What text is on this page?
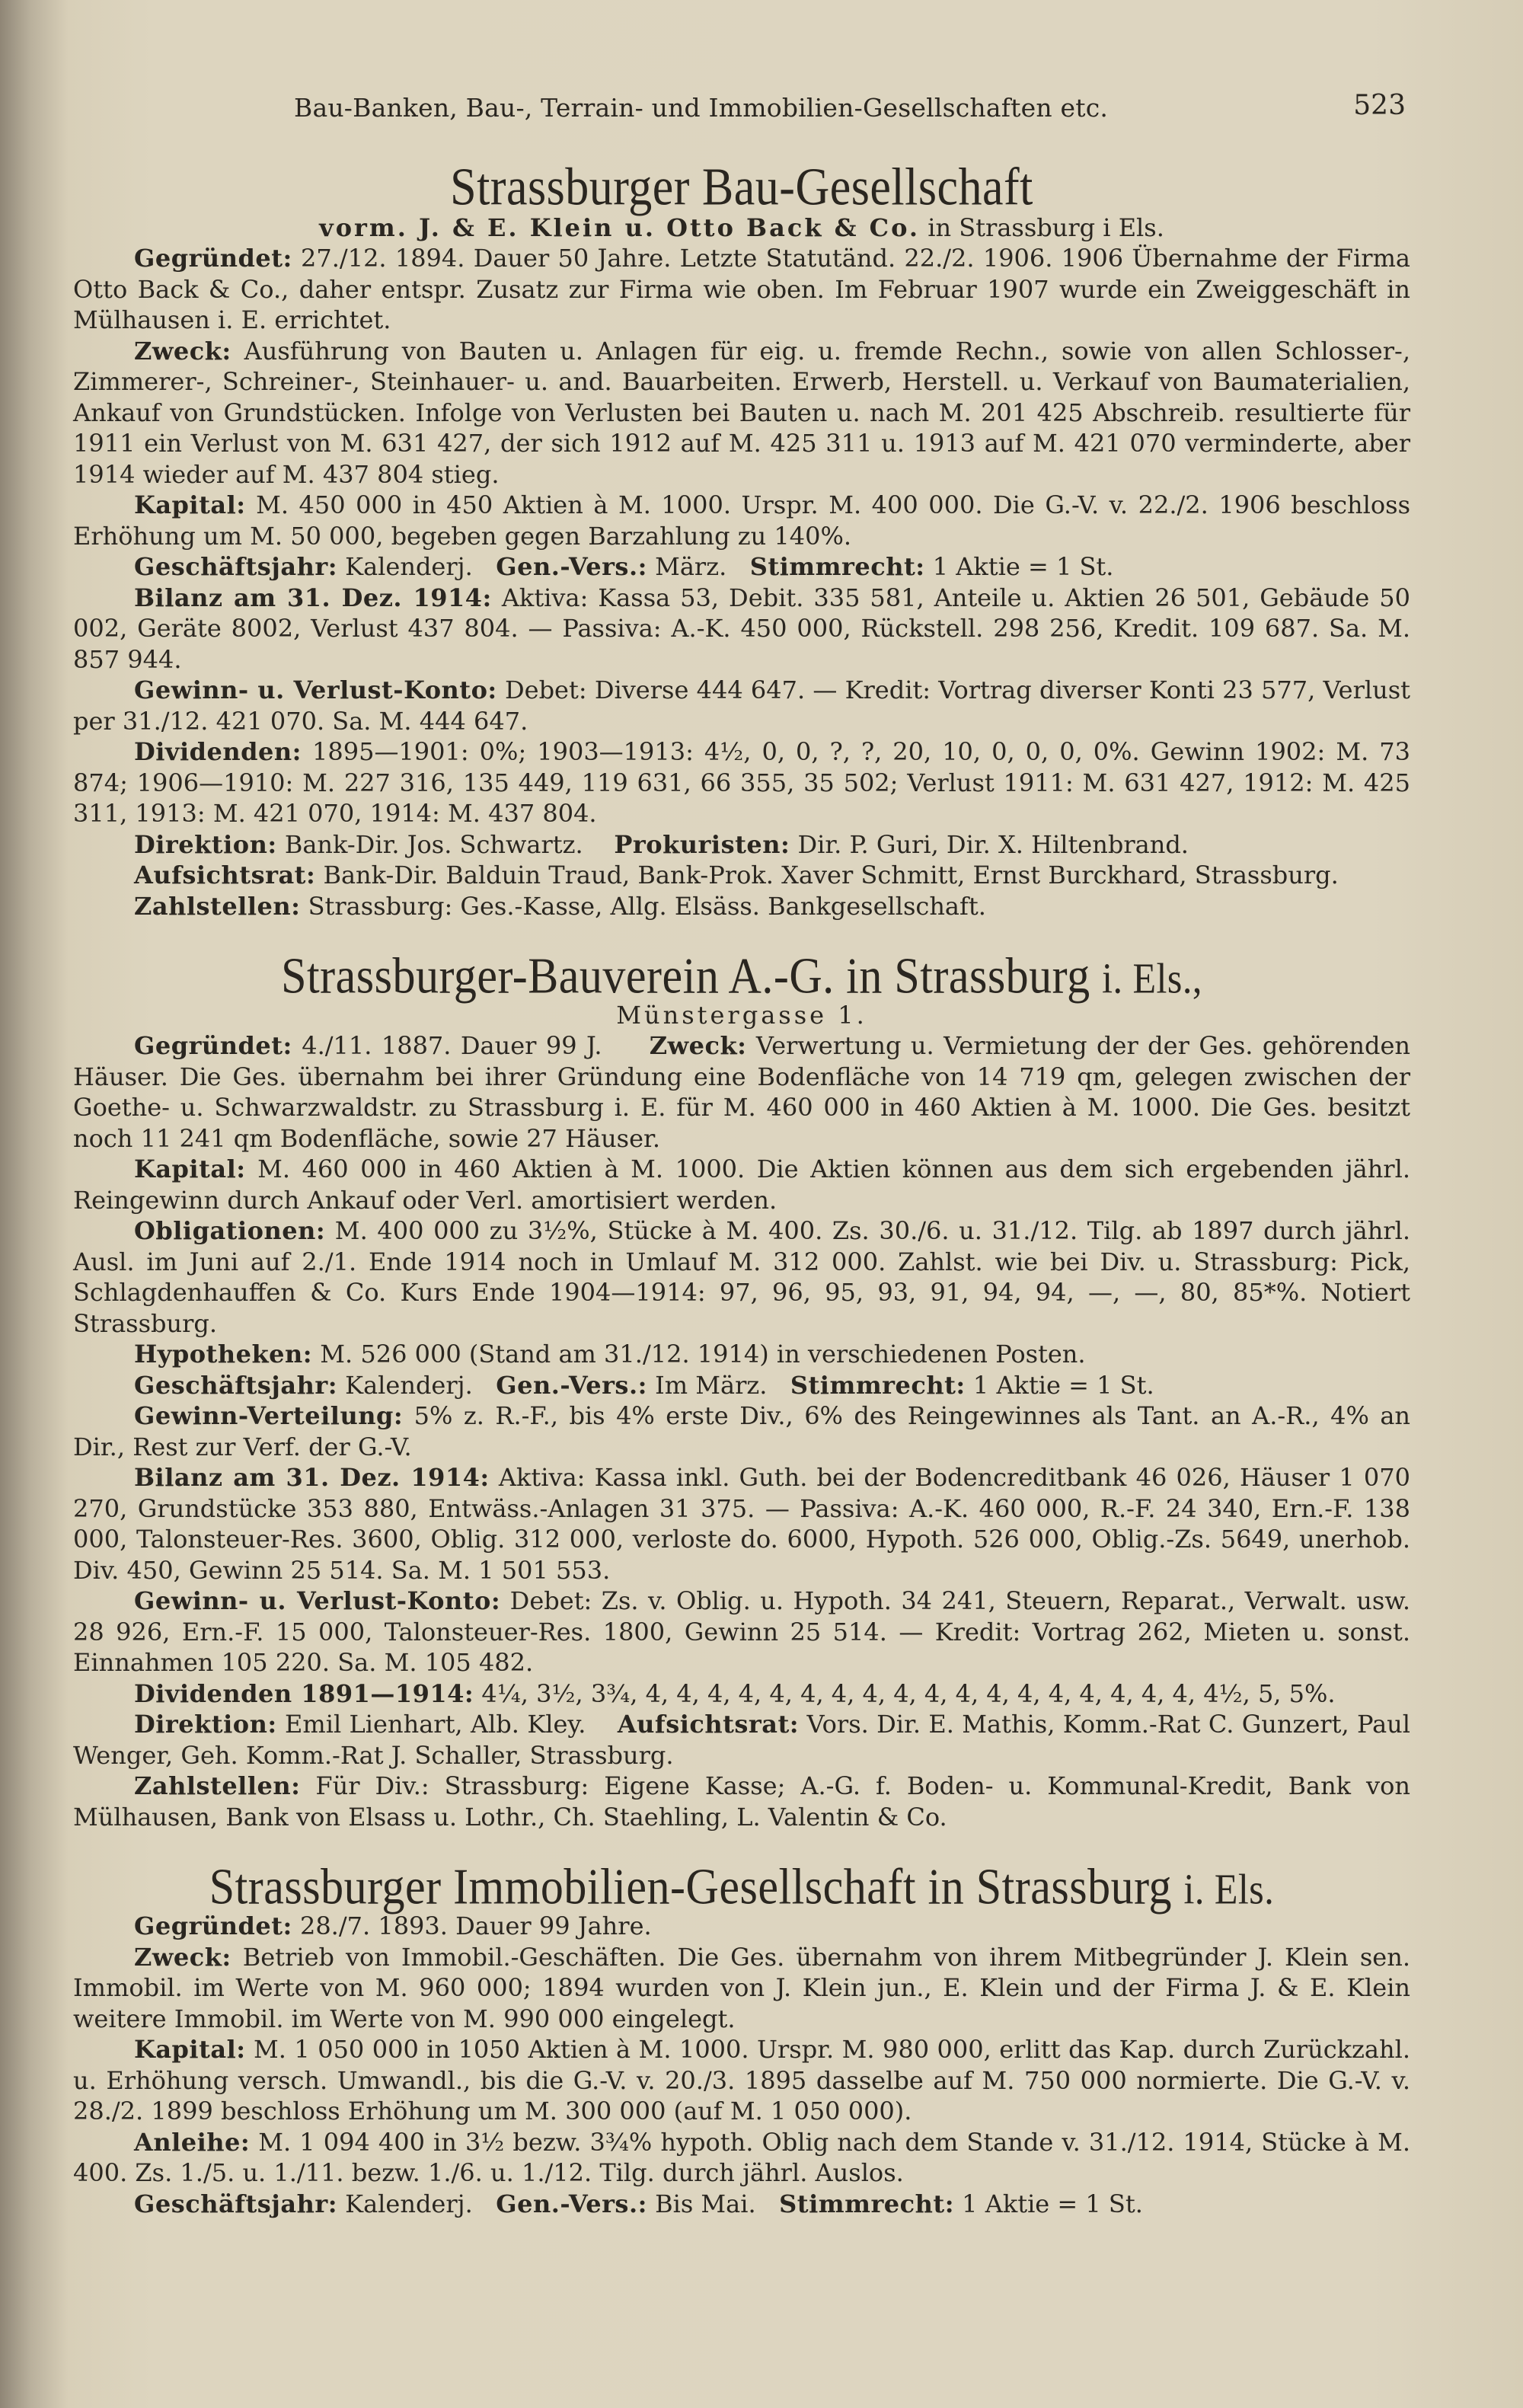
Bau-Banken, Bau-, Terrain- und Immobilien-Gesellschaften etc.	523
Strassburger Bau-Gesellschaft
vorm. J. & E. Klein u. Otto Back & Co. in Strassburg i Els.

Gegründet: 27./12. 1894. Dauer 50 Jahre. Letzte Statutänd. 22./2. 1906. 1906 Übernahme der Firma Otto Back & Co., daher entspr. Zusatz zur Firma wie oben. Im Februar 1907 wurde ein Zweiggeschäft in Mülhausen i. E. errichtet.

Zweck: Ausführung von Bauten u. Anlagen für eig. u. fremde Rechn., sowie von allen Schlosser-, Zimmerer-, Schreiner-, Steinhauer- u. and. Bauarbeiten. Erwerb, Herstell. u. Verkauf von Baumaterialien, Ankauf von Grundstücken. Infolge von Verlusten bei Bauten u. nach M. 201 425 Abschreib. resultierte für 1911 ein Verlust von M. 631 427, der sich 1912 auf M. 425 311 u. 1913 auf M. 421 070 verminderte, aber 1914 wieder auf M. 437 804 stieg.

Kapital: M. 450 000 in 450 Aktien à M. 1000. Urspr. M. 400 000. Die G.-V. v. 22./2. 1906 beschloss Erhöhung um M. 50 000, begeben gegen Barzahlung zu 140%.

Geschäftsjahr: Kalenderj. Gen.-Vers.: März. Stimmrecht: 1 Aktie = 1 St.

Bilanz am 31. Dez. 1914: Aktiva: Kassa 53, Debit. 335 581, Anteile u. Aktien 26 501, Gebäude 50 002, Geräte 8002, Verlust 437 804. — Passiva: A.-K. 450 000, Rückstell. 298 256, Kredit. 109 687. Sa. M. 857 944.

Gewinn- u. Verlust-Konto: Debet: Diverse 444 647. — Kredit: Vortrag diverser Konti 23 577, Verlust per 31./12. 421 070. Sa. M. 444 647.

Dividenden: 1895—1901: 0%; 1903—1913: 4½, 0, 0, ?, ?, 20, 10, 0, 0, 0, 0%. Gewinn 1902: M. 73 874; 1906—1910: M. 227 316, 135 449, 119 631, 66 355, 35 502; Verlust 1911: M. 631 427, 1912: M. 425 311, 1913: M. 421 070, 1914: M. 437 804.

Direktion: Bank-Dir. Jos. Schwartz. Prokuristen: Dir. P. Guri, Dir. X. Hiltenbrand.

Aufsichtsrat: Bank-Dir. Balduin Traud, Bank-Prok. Xaver Schmitt, Ernst Burckhard, Strassburg.

Zahlstellen: Strassburg: Ges.-Kasse, Allg. Elsäss. Bankgesellschaft.

Strassburger-Bauverein A.-G. in Strassburg i. Els.,
Münstergasse 1.

Gegründet: 4./11. 1887. Dauer 99 J. Zweck: Verwertung u. Vermietung der der Ges. gehörenden Häuser. Die Ges. übernahm bei ihrer Gründung eine Bodenfläche von 14 719 qm, gelegen zwischen der Goethe- u. Schwarzwaldstr. zu Strassburg i. E. für M. 460 000 in 460 Aktien à M. 1000. Die Ges. besitzt noch 11 241 qm Bodenfläche, sowie 27 Häuser.

Kapital: M. 460 000 in 460 Aktien à M. 1000. Die Aktien können aus dem sich ergebenden jährl. Reingewinn durch Ankauf oder Verl. amortisiert werden.

Obligationen: M. 400 000 zu 3½%, Stücke à M. 400. Zs. 30./6. u. 31./12. Tilg. ab 1897 durch jährl. Ausl. im Juni auf 2./1. Ende 1914 noch in Umlauf M. 312 000. Zahlst. wie bei Div. u. Strassburg: Pick, Schlagdenhauffen & Co. Kurs Ende 1904—1914: 97, 96, 95, 93, 91, 94, 94, —, —, 80, 85*%. Notiert Strassburg.

Hypotheken: M. 526 000 (Stand am 31./12. 1914) in verschiedenen Posten.

Geschäftsjahr: Kalenderj. Gen.-Vers.: Im März. Stimmrecht: 1 Aktie = 1 St.

Gewinn-Verteilung: 5% z. R.-F., bis 4% erste Div., 6% des Reingewinnes als Tant. an A.-R., 4% an Dir., Rest zur Verf. der G.-V.

Bilanz am 31. Dez. 1914: Aktiva: Kassa inkl. Guth. bei der Bodencreditbank 46 026, Häuser 1 070 270, Grundstücke 353 880, Entwäss.-Anlagen 31 375. — Passiva: A.-K. 460 000, R.-F. 24 340, Ern.-F. 138 000, Talonsteuer-Res. 3600, Oblig. 312 000, verloste do. 6000, Hypoth. 526 000, Oblig.-Zs. 5649, unerhob. Div. 450, Gewinn 25 514. Sa. M. 1 501 553.

Gewinn- u. Verlust-Konto: Debet: Zs. v. Oblig. u. Hypoth. 34 241, Steuern, Reparat., Verwalt. usw. 28 926, Ern.-F. 15 000, Talonsteuer-Res. 1800, Gewinn 25 514. — Kredit: Vortrag 262, Mieten u. sonst. Einnahmen 105 220. Sa. M. 105 482.

Dividenden 1891—1914: 4¼, 3½, 3¾, 4, 4, 4, 4, 4, 4, 4, 4, 4, 4, 4, 4, 4, 4, 4, 4, 4, 4, 4½, 5, 5%.

Direktion: Emil Lienhart, Alb. Kley. Aufsichtsrat: Vors. Dir. E. Mathis, Komm.-Rat C. Gunzert, Paul Wenger, Geh. Komm.-Rat J. Schaller, Strassburg.

Zahlstellen: Für Div.: Strassburg: Eigene Kasse; A.-G. f. Boden- u. Kommunal-Kredit, Bank von Mülhausen, Bank von Elsass u. Lothr., Ch. Staehling, L. Valentin & Co.

Strassburger Immobilien-Gesellschaft in Strassburg i. Els.

Gegründet: 28./7. 1893. Dauer 99 Jahre.

Zweck: Betrieb von Immobil.-Geschäften. Die Ges. übernahm von ihrem Mitbegründer J. Klein sen. Immobil. im Werte von M. 960 000; 1894 wurden von J. Klein jun., E. Klein und der Firma J. & E. Klein weitere Immobil. im Werte von M. 990 000 eingelegt.

Kapital: M. 1 050 000 in 1050 Aktien à M. 1000. Urspr. M. 980 000, erlitt das Kap. durch Zurückzahl. u. Erhöhung versch. Umwandl., bis die G.-V. v. 20./3. 1895 dasselbe auf M. 750 000 normierte. Die G.-V. v. 28./2. 1899 beschloss Erhöhung um M. 300 000 (auf M. 1 050 000).

Anleihe: M. 1 094 400 in 3½ bezw. 3¾% hypoth. Oblig nach dem Stande v. 31./12. 1914, Stücke à M. 400. Zs. 1./5. u. 1./11. bezw. 1./6. u. 1./12. Tilg. durch jährl. Auslos.

Geschäftsjahr: Kalenderj. Gen.-Vers.: Bis Mai. Stimmrecht: 1 Aktie = 1 St.
